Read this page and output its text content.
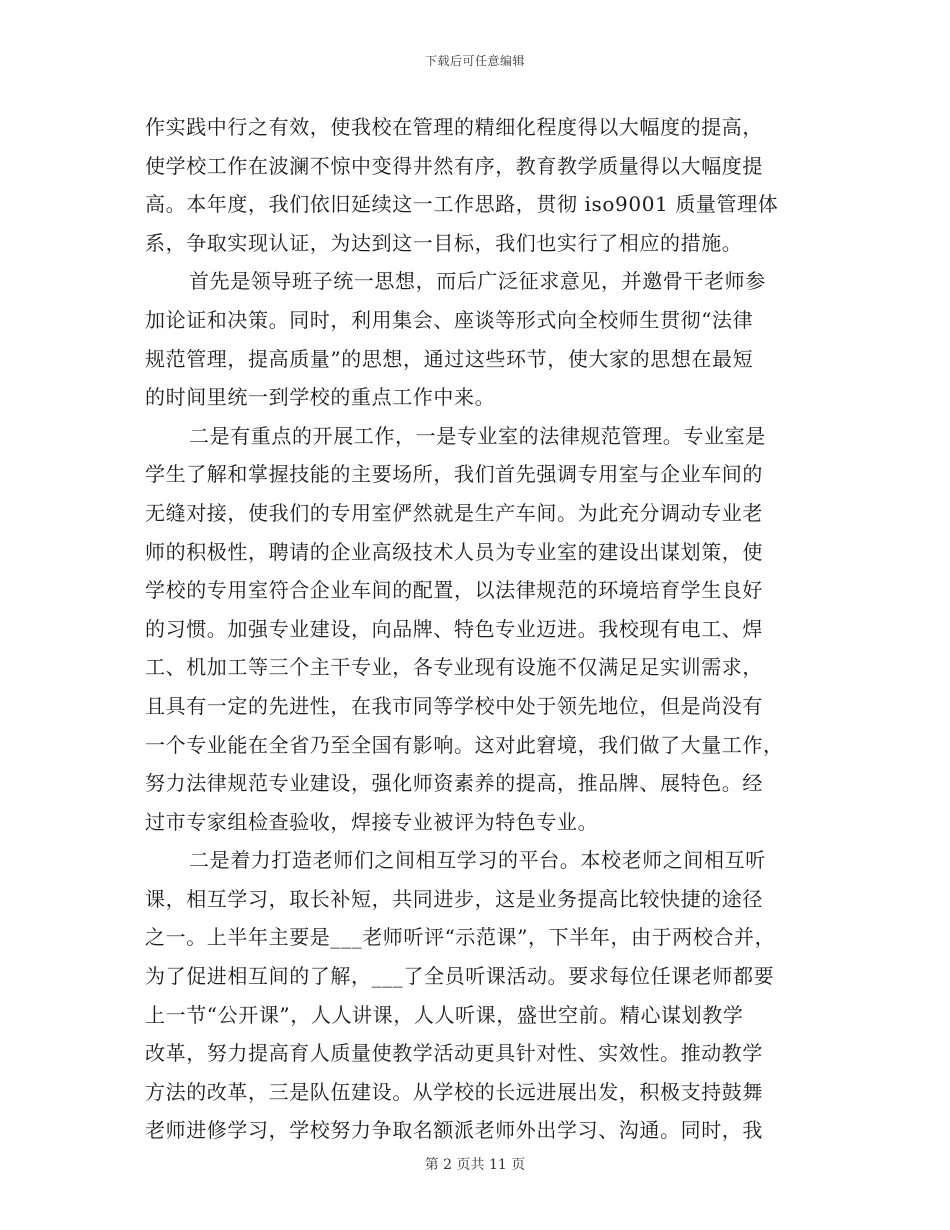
下载后可任意编辑
作实践中行之有效，使我校在管理的精细化程度得以大幅度的提高，
使学校工作在波澜不惊中变得井然有序，教育教学质量得以大幅度提
高。本年度，我们依旧延续这一工作思路，贯彻 iso9001 质量管理体
系，争取实现认证，为达到这一目标，我们也实行了相应的措施。
首先是领导班子统一思想，而后广泛征求意见，并邀骨干老师参
加论证和决策。同时，利用集会、座谈等形式向全校师生贯彻“法律
规范管理，提高质量”的思想，通过这些环节，使大家的思想在最短
的时间里统一到学校的重点工作中来。
二是有重点的开展工作，一是专业室的法律规范管理。专业室是
学生了解和掌握技能的主要场所，我们首先强调专用室与企业车间的
无缝对接，使我们的专用室俨然就是生产车间。为此充分调动专业老
师的积极性，聘请的企业高级技术人员为专业室的建设出谋划策，使
学校的专用室符合企业车间的配置，以法律规范的环境培育学生良好
的习惯。加强专业建设，向品牌、特色专业迈进。我校现有电工、焊
工、机加工等三个主干专业，各专业现有设施不仅满足足实训需求，
且具有一定的先进性，在我市同等学校中处于领先地位，但是尚没有
一个专业能在全省乃至全国有影响。这对此窘境，我们做了大量工作，
努力法律规范专业建设，强化师资素养的提高，推品牌、展特色。经
过市专家组检查验收，焊接专业被评为特色专业。
二是着力打造老师们之间相互学习的平台。本校老师之间相互听
课，相互学习，取长补短，共同进步，这是业务提高比较快捷的途径
之一。上半年主要是___老师听评“示范课”，下半年，由于两校合并，
为了促进相互间的了解，___了全员听课活动。要求每位任课老师都要
上一节“公开课”，人人讲课，人人听课，盛世空前。精心谋划教学
改革，努力提高育人质量使教学活动更具针对性、实效性。推动教学
方法的改革，三是队伍建设。从学校的长远进展出发，积极支持鼓舞
老师进修学习，学校努力争取名额派老师外出学习、沟通。同时，我
第 2 页共 11 页
